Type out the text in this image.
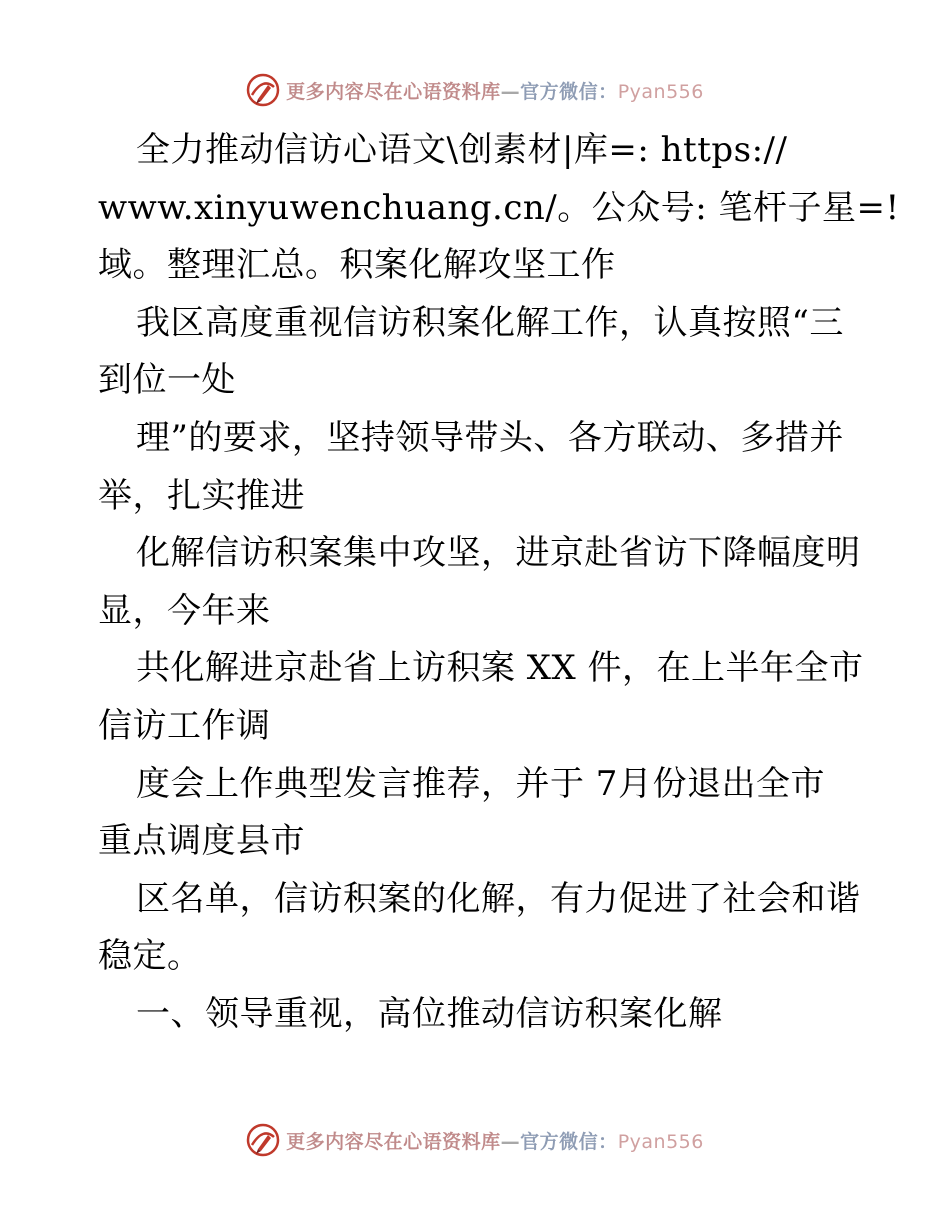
更多内容尽在心语资料库—官方微信：Pyan556
全力推动信访心语文\创素材|库=: https://
www.xinyuwenchuang.cn/。公众号: 笔杆子星=!
域。整理汇总。积案化解攻坚工作
我区高度重视信访积案化解工作，认真按照“三
到位一处
理”的要求，坚持领导带头、各方联动、多措并
举，扎实推进
化解信访积案集中攻坚，进京赴省访下降幅度明
显，今年来
共化解进京赴省上访积案 XX 件，在上半年全市
信访工作调
度会上作典型发言推荐，并于 7月份退出全市
重点调度县市
区名单，信访积案的化解，有力促进了社会和谐
稳定。
一、领导重视，高位推动信访积案化解
更多内容尽在心语资料库—官方微信：Pyan556
